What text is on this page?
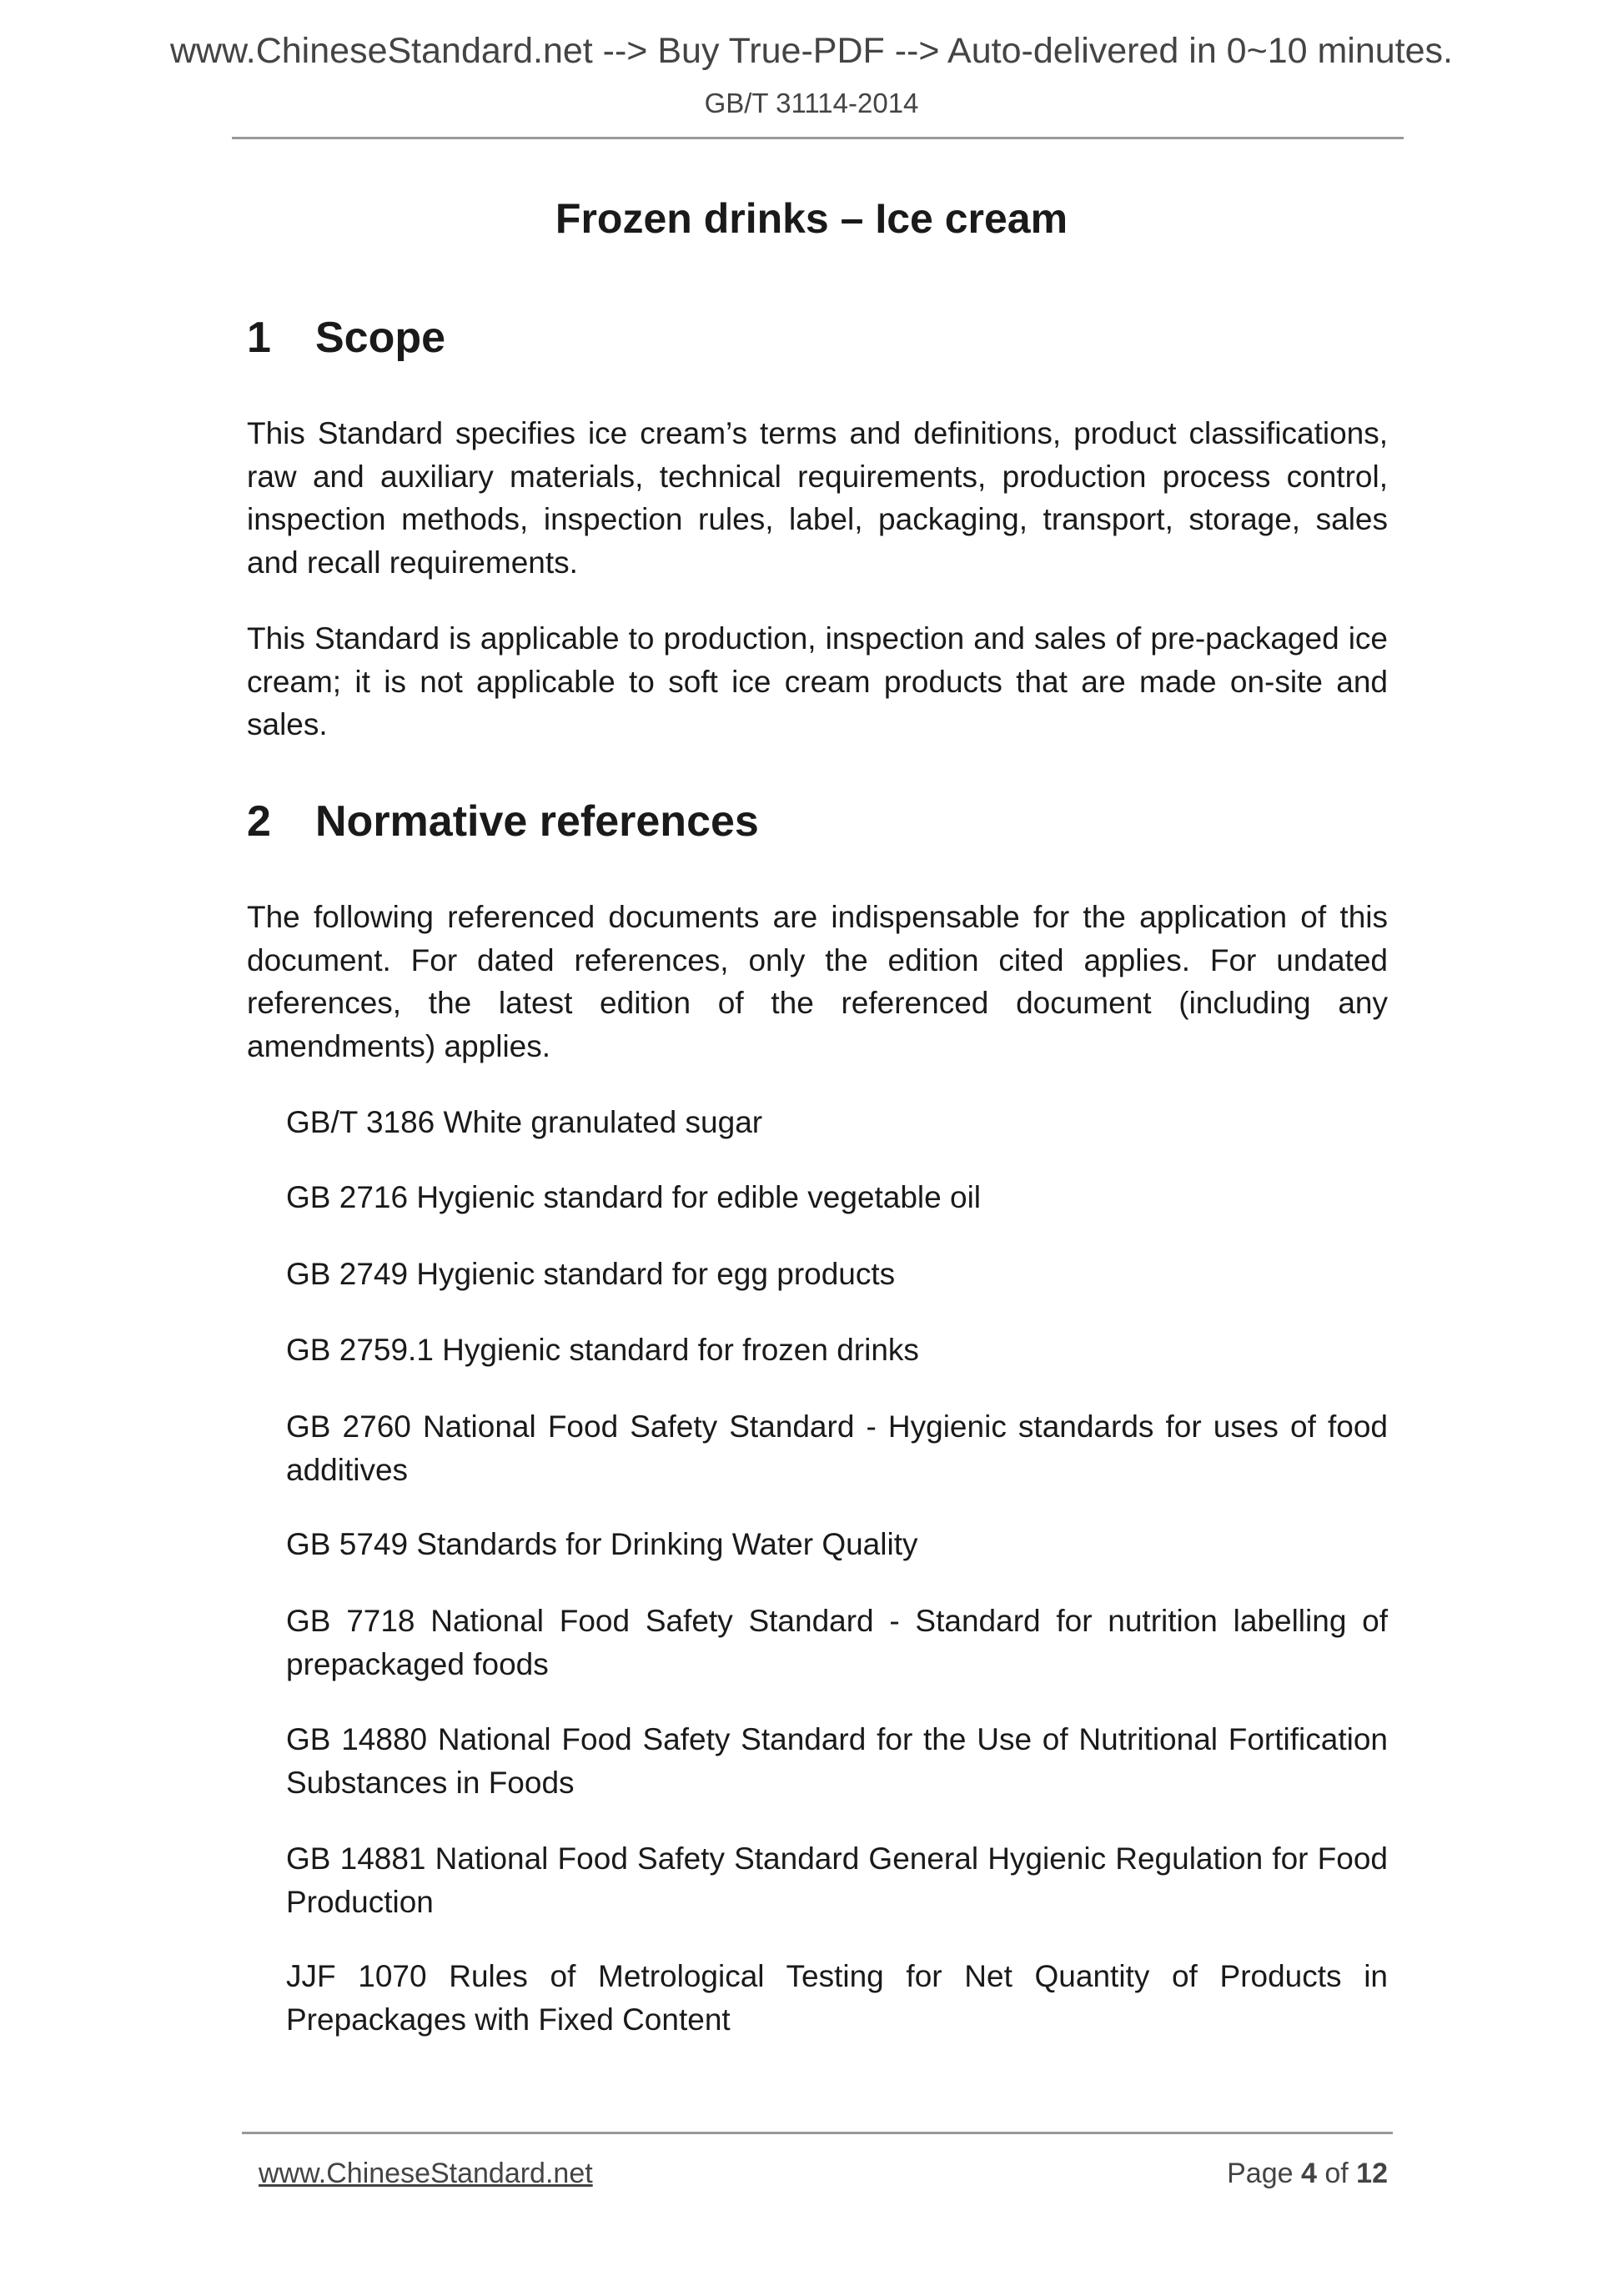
www.ChineseStandard.net --> Buy True-PDF --> Auto-delivered in 0~10 minutes.
GB/T 31114-2014
Frozen drinks – Ice cream
1 Scope
This Standard specifies ice cream’s terms and definitions, product classifications, raw and auxiliary materials, technical requirements, production process control, inspection methods, inspection rules, label, packaging, transport, storage, sales and recall requirements.
This Standard is applicable to production, inspection and sales of pre-packaged ice cream; it is not applicable to soft ice cream products that are made on-site and sales.
2 Normative references
The following referenced documents are indispensable for the application of this document. For dated references, only the edition cited applies. For undated references, the latest edition of the referenced document (including any amendments) applies.
GB/T 3186 White granulated sugar
GB 2716 Hygienic standard for edible vegetable oil
GB 2749 Hygienic standard for egg products
GB 2759.1 Hygienic standard for frozen drinks
GB 2760 National Food Safety Standard - Hygienic standards for uses of food additives
GB 5749 Standards for Drinking Water Quality
GB 7718 National Food Safety Standard - Standard for nutrition labelling of prepackaged foods
GB 14880 National Food Safety Standard for the Use of Nutritional Fortification Substances in Foods
GB 14881 National Food Safety Standard General Hygienic Regulation for Food Production
JJF 1070 Rules of Metrological Testing for Net Quantity of Products in Prepackages with Fixed Content
www.ChineseStandard.net	Page 4 of 12
